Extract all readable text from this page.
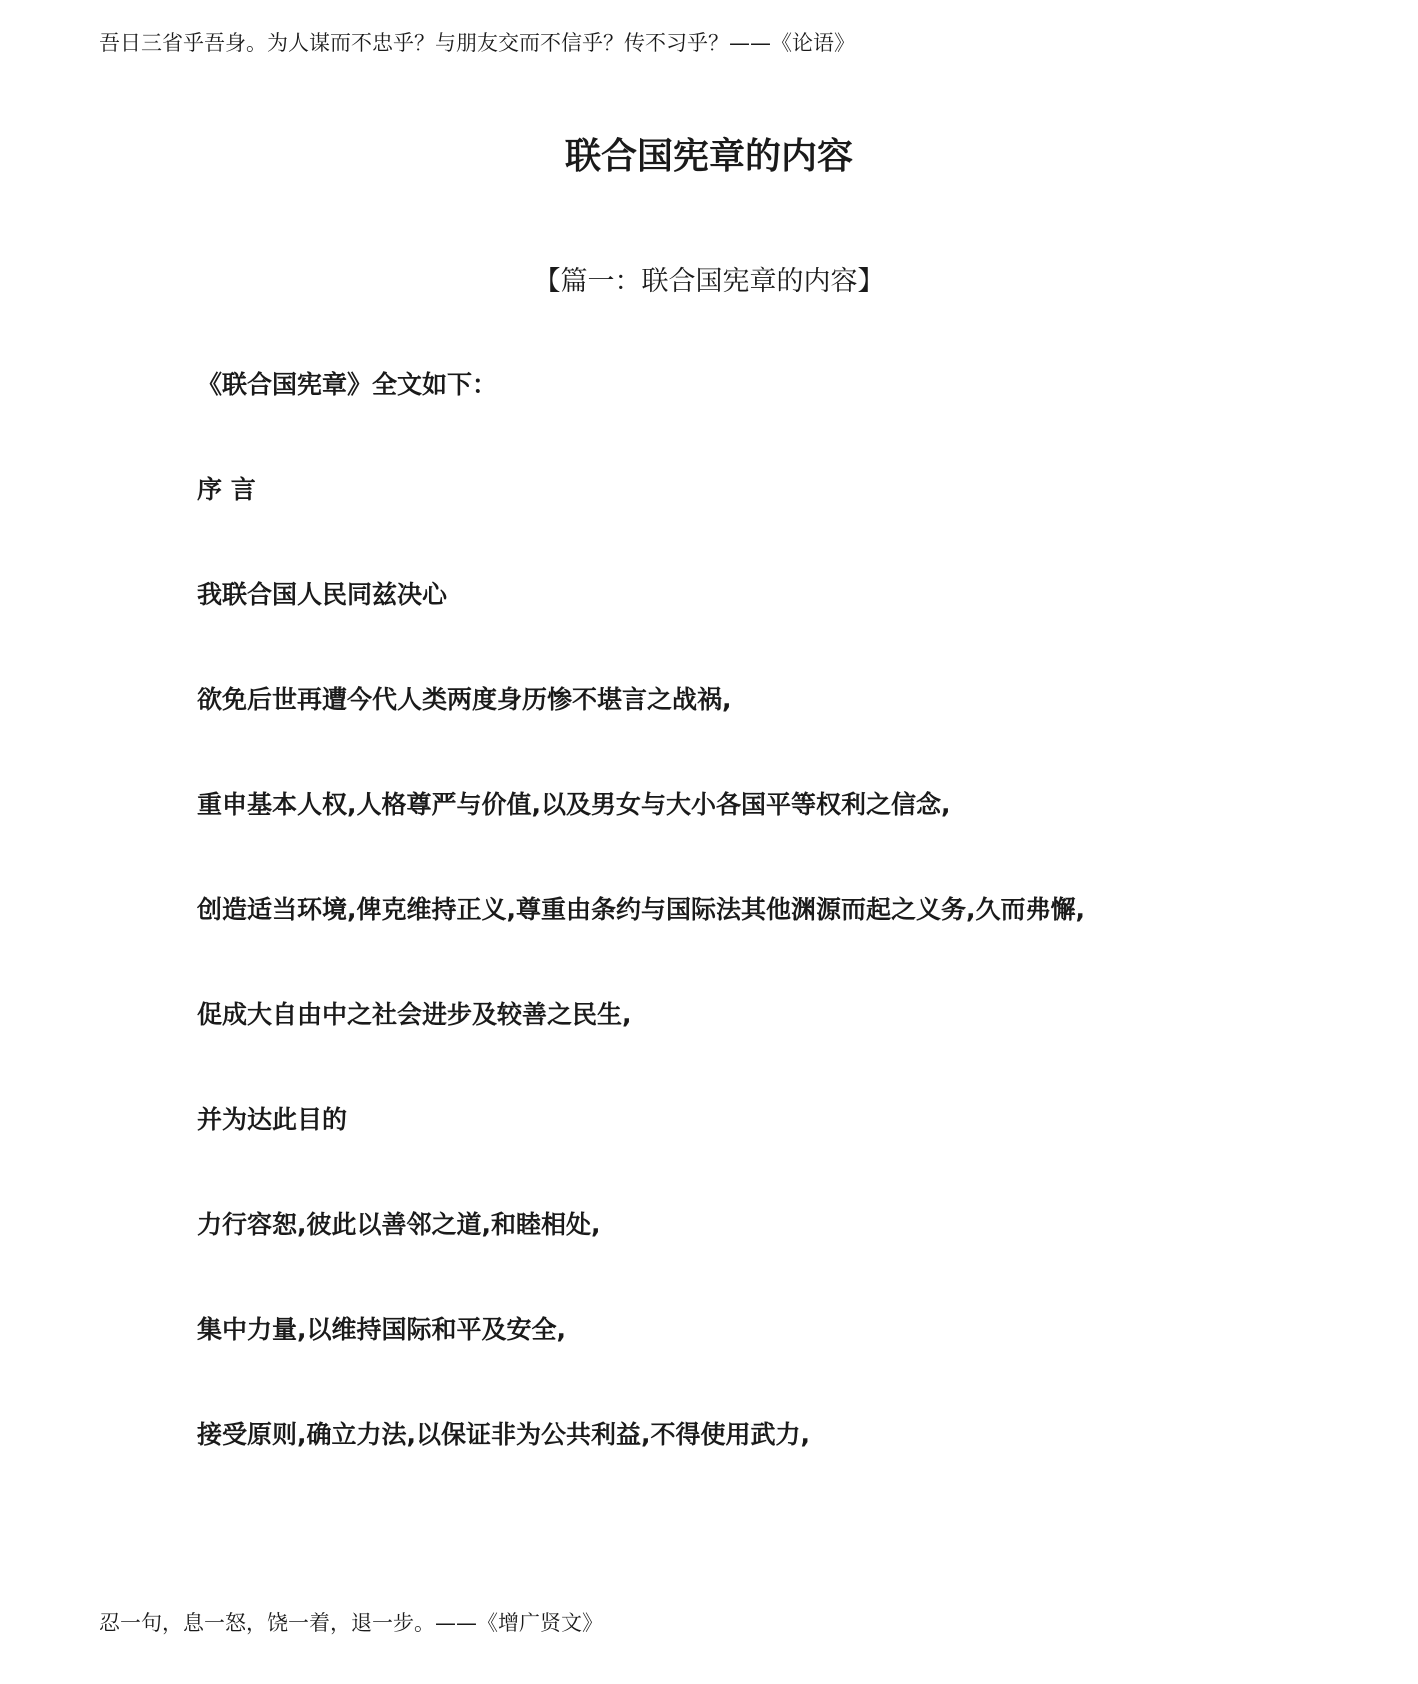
吾日三省乎吾身。为人谋而不忠乎？与朋友交而不信乎？传不习乎？——《论语》
联合国宪章的内容
【篇一：联合国宪章的内容】
《联合国宪章》全文如下：
序 言
我联合国人民同兹决心
欲免后世再遭今代人类两度身历惨不堪言之战祸,
重申基本人权,人格尊严与价值,以及男女与大小各国平等权利之信念,
创造适当环境,俾克维持正义,尊重由条约与国际法其他渊源而起之义务,久而弗懈,
促成大自由中之社会进步及较善之民生,
并为达此目的
力行容恕,彼此以善邻之道,和睦相处,
集中力量,以维持国际和平及安全,
接受原则,确立力法,以保证非为公共利益,不得使用武力,
忍一句，息一怒，饶一着，退一步。——《增广贤文》
